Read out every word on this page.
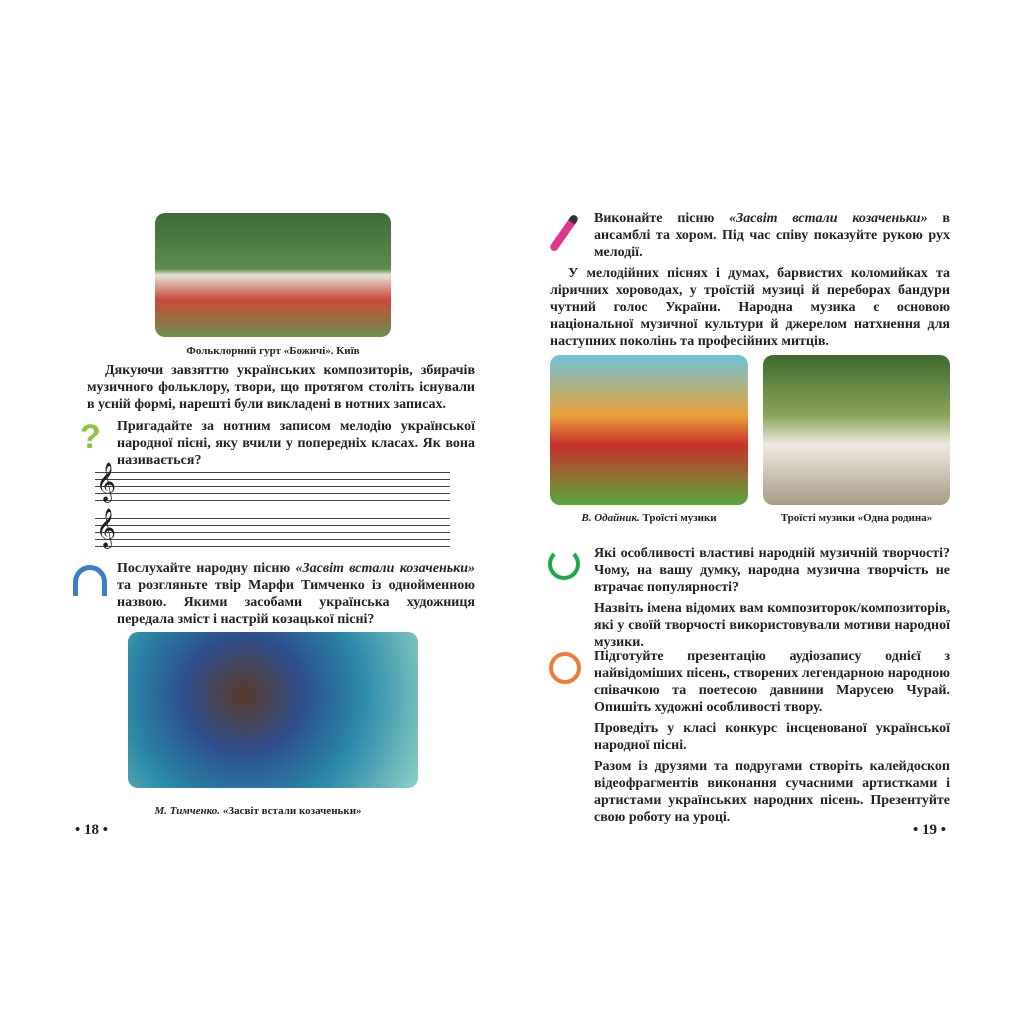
Фольклорний гурт «Божичі». Київ
Дякуючи завзяттю українських композиторів, збирачів музичного фольклору, твори, що протягом століть існували в усній формі, нарешті були викладені в нотних записах.
? Пригадайте за нотним записом мелодію української народної пісні, яку вчили у попередніх класах. Як вона називається?
𝄞
𝄞
Послухайте народну пісню «Засвіт встали козаченьки» та розгляньте твір Марфи Тимченко із однойменною назвою. Якими засобами українська художниця передала зміст і настрій козацької пісні?
М. Тимченко. «Засвіт встали козаченьки»
• 18 •
Виконайте пісню «Засвіт встали козаченьки» в ансамблі та хором. Під час співу показуйте рукою рух мелодії.
У мелодійних піснях і думах, барвистих коломийках та ліричних хороводах, у троїстій музиці й переборах бандури чутний голос України. Народна музика є основою національної музичної культури й джерелом натхнення для наступних поколінь та професійних митців.
В. Одайник. Троїсті музики	Троїсті музики «Одна родина»

Які особливості властиві народній музичній творчості? Чому, на вашу думку, народна музична творчість не втрачає популярності?

Назвіть імена відомих вам композиторок/композиторів, які у своїй творчості використовували мотиви народної музики.

Підготуйте презентацію аудіозапису однієї з найвідоміших пісень, створених легендарною народною співачкою та поетесою давнини Марусею Чурай. Опишіть художні особливості твору.

Проведіть у класі конкурс інсценованої української народної пісні.

Разом із друзями та подругами створіть калейдоскоп відеофрагментів виконання сучасними артистками і артистами українських народних пісень. Презентуйте свою роботу на уроці.

• 19 •
